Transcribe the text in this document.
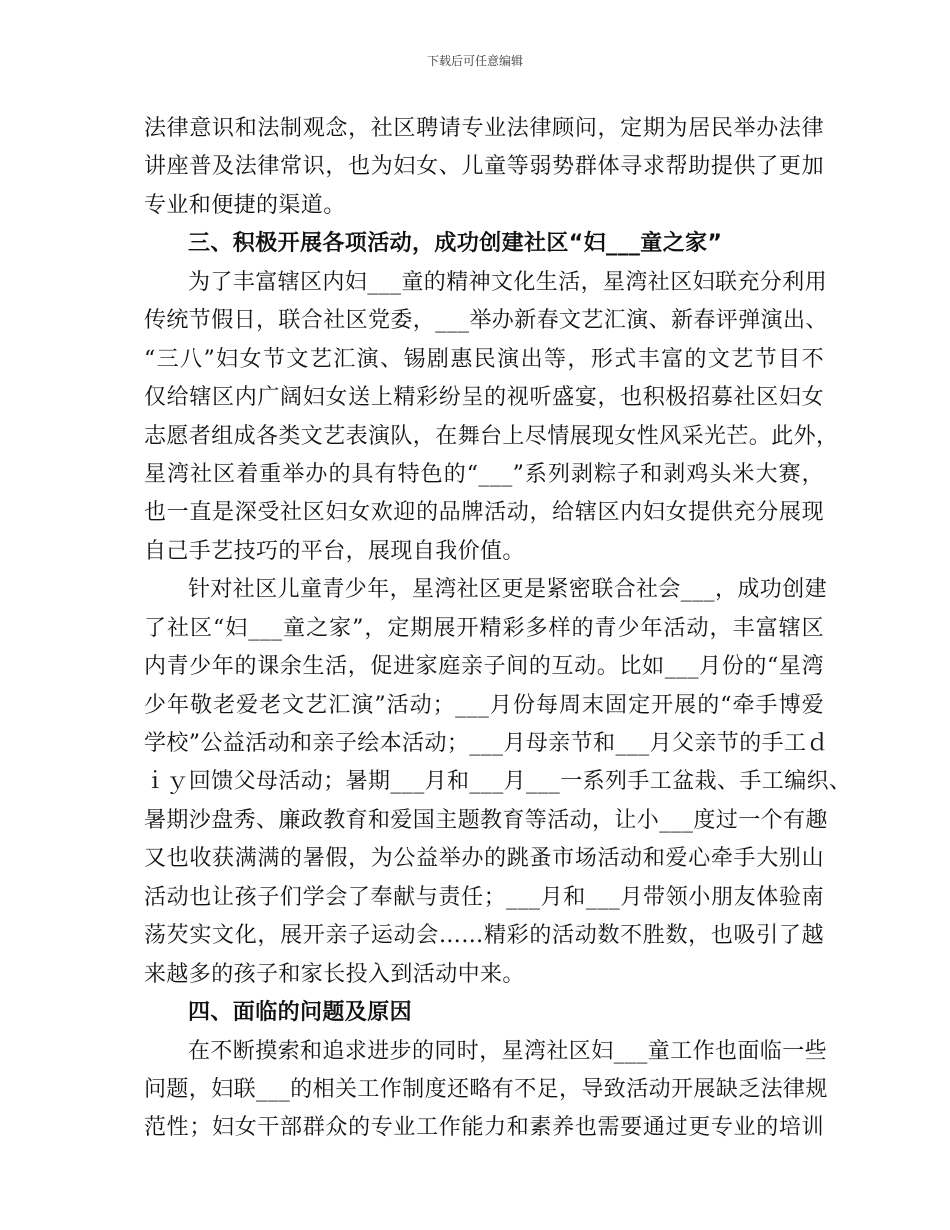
下载后可任意编辑
法律意识和法制观念，社区聘请专业法律顾问，定期为居民举办法律
讲座普及法律常识，也为妇女、儿童等弱势群体寻求帮助提供了更加
专业和便捷的渠道。
三、积极开展各项活动，成功创建社区“妇___童之家”
为了丰富辖区内妇___童的精神文化生活，星湾社区妇联充分利用
传统节假日，联合社区党委，___举办新春文艺汇演、新春评弹演出、
“三八”妇女节文艺汇演、锡剧惠民演出等，形式丰富的文艺节目不
仅给辖区内广阔妇女送上精彩纷呈的视听盛宴，也积极招募社区妇女
志愿者组成各类文艺表演队，在舞台上尽情展现女性风采光芒。此外，
星湾社区着重举办的具有特色的“___”系列剥粽子和剥鸡头米大赛，
也一直是深受社区妇女欢迎的品牌活动，给辖区内妇女提供充分展现
自己手艺技巧的平台，展现自我价值。
针对社区儿童青少年，星湾社区更是紧密联合社会___，成功创建
了社区“妇___童之家”，定期展开精彩多样的青少年活动，丰富辖区
内青少年的课余生活，促进家庭亲子间的互动。比如___月份的“星湾
少年敬老爱老文艺汇演”活动；___月份每周末固定开展的“牵手博爱
学校”公益活动和亲子绘本活动；___月母亲节和___月父亲节的手工ｄ
ｉｙ回馈父母活动；暑期___月和___月___一系列手工盆栽、手工编织、
暑期沙盘秀、廉政教育和爱国主题教育等活动，让小___度过一个有趣
又也收获满满的暑假，为公益举办的跳蚤市场活动和爱心牵手大别山
活动也让孩子们学会了奉献与责任；___月和___月带领小朋友体验南
荡芡实文化，展开亲子运动会……精彩的活动数不胜数，也吸引了越
来越多的孩子和家长投入到活动中来。
四、面临的问题及原因
在不断摸索和追求进步的同时，星湾社区妇___童工作也面临一些
问题，妇联___的相关工作制度还略有不足，导致活动开展缺乏法律规
范性；妇女干部群众的专业工作能力和素养也需要通过更专业的培训
